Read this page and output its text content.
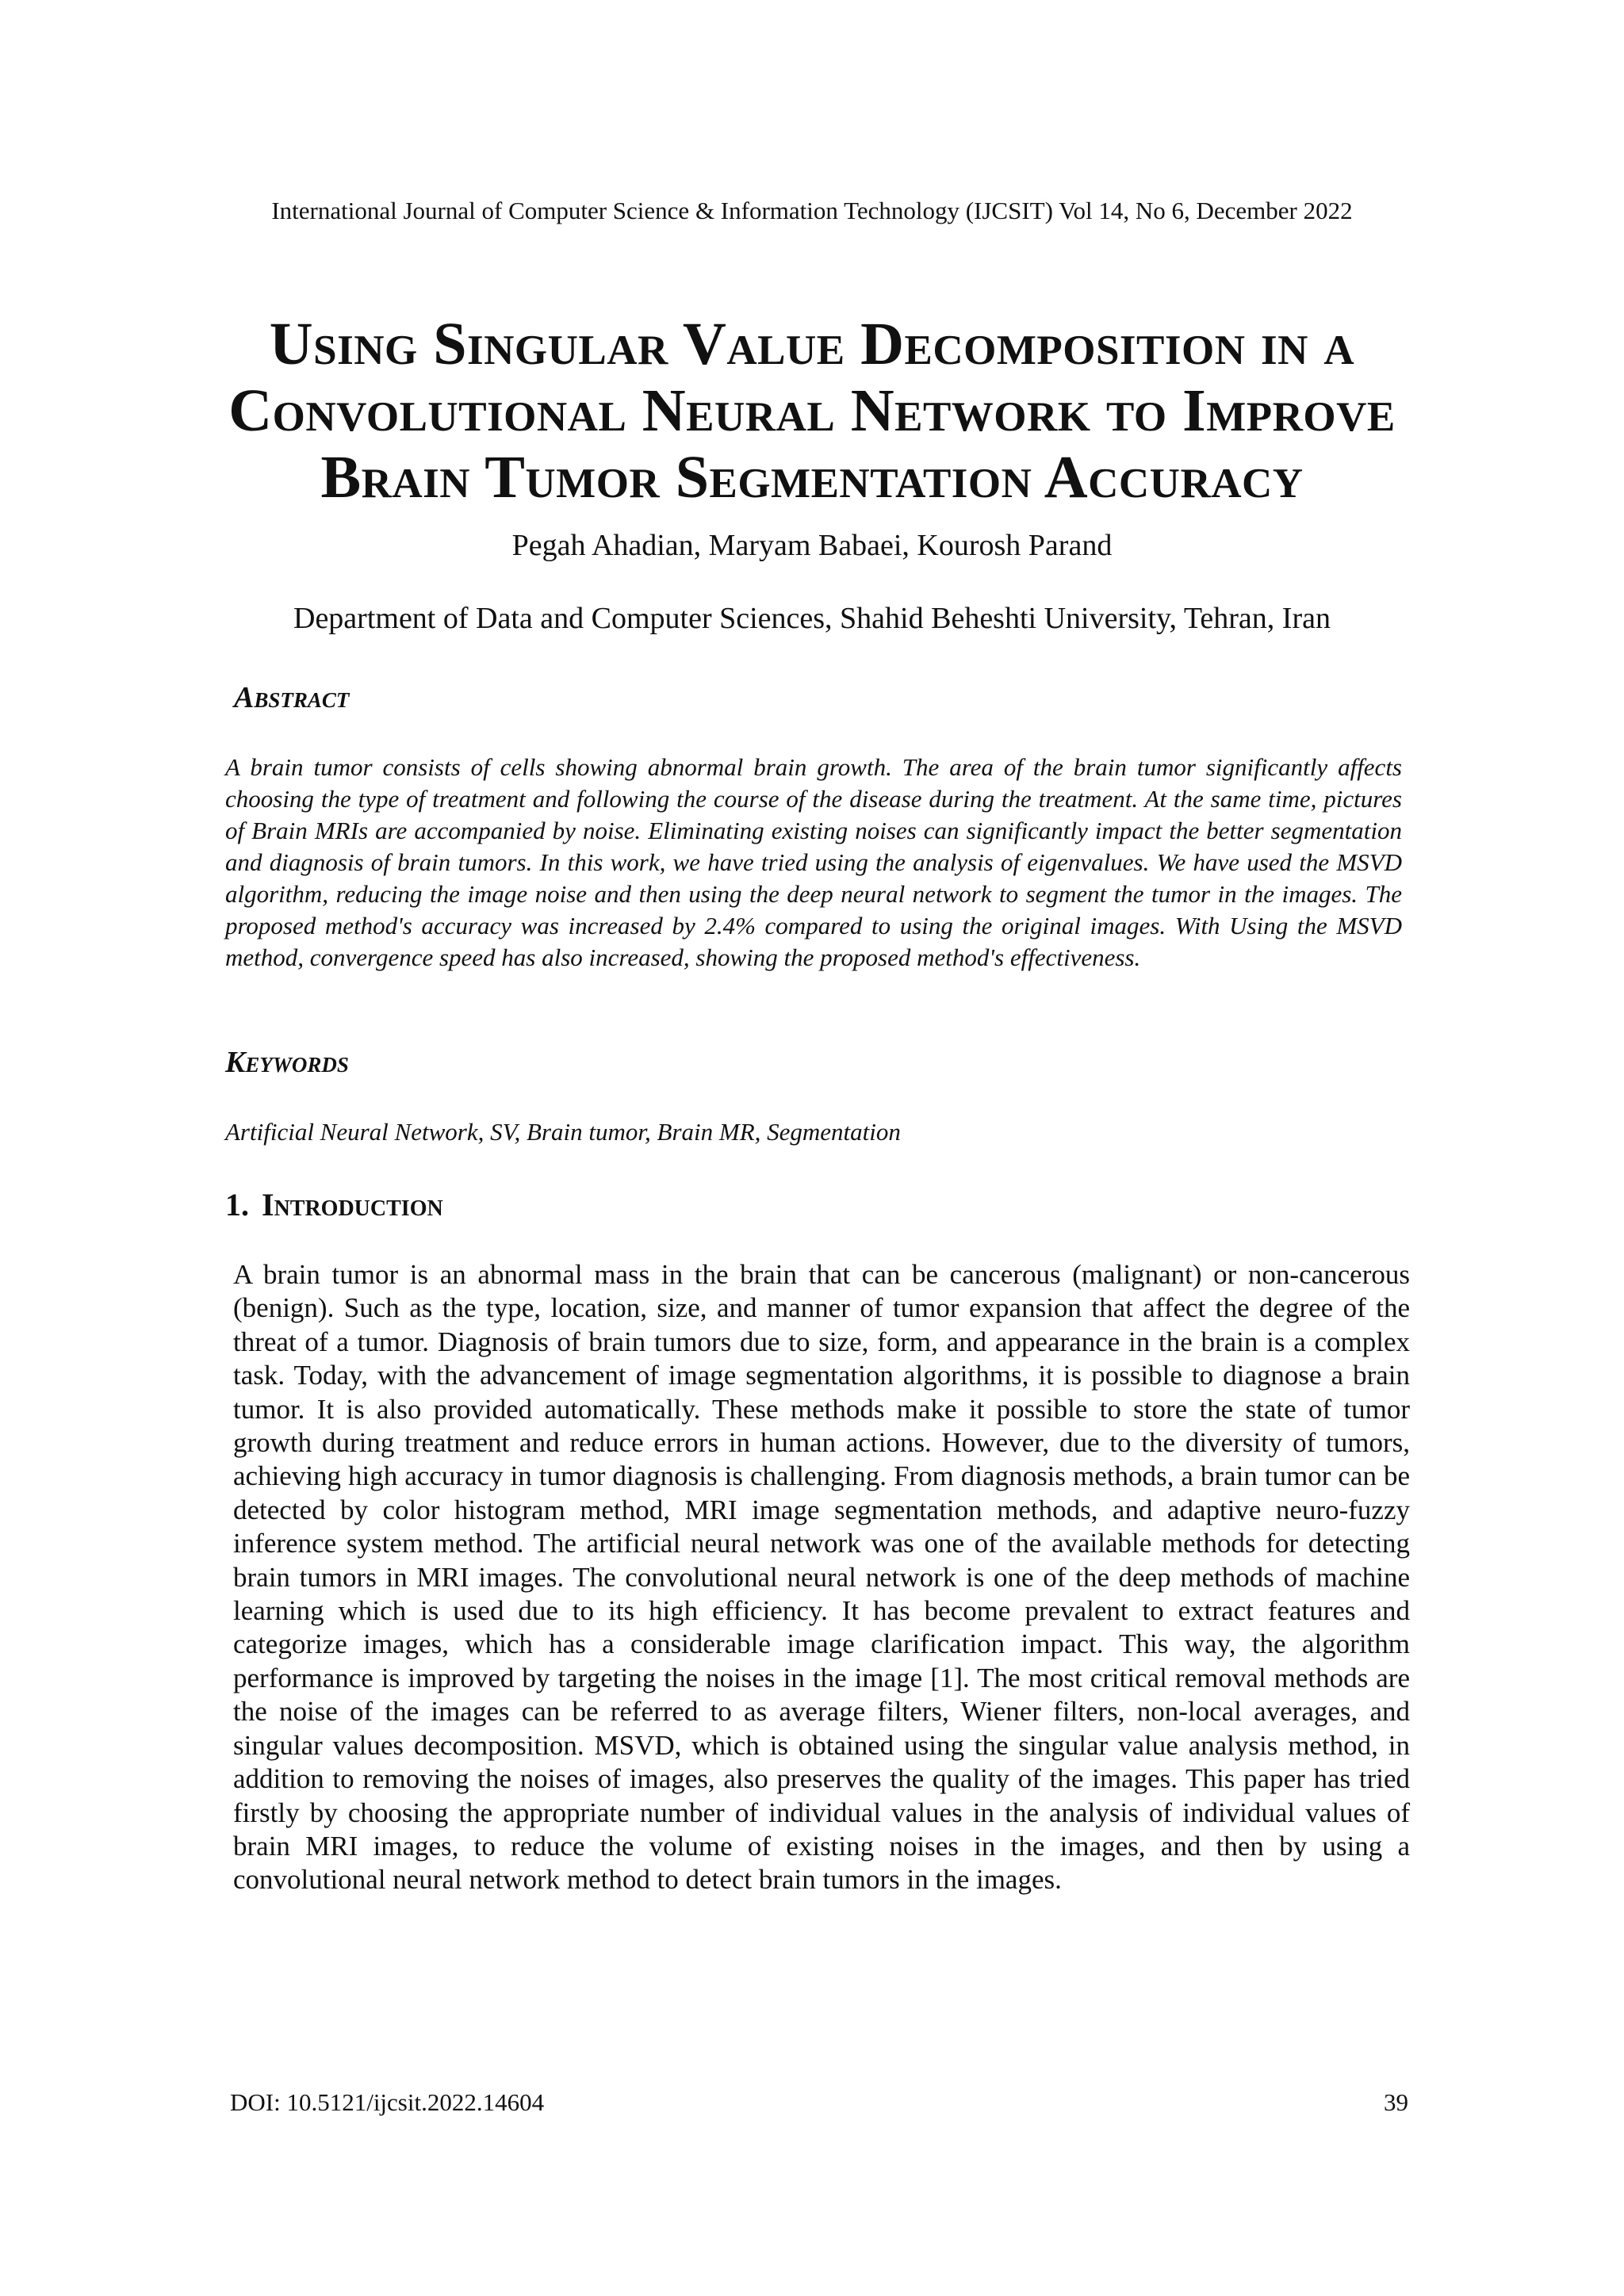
International Journal of Computer Science & Information Technology (IJCSIT) Vol 14, No 6, December 2022
Using Singular Value Decomposition in a
Convolutional Neural Network to Improve
Brain Tumor Segmentation Accuracy
Pegah Ahadian, Maryam Babaei, Kourosh Parand
Department of Data and Computer Sciences, Shahid Beheshti University, Tehran, Iran
Abstract
A brain tumor consists of cells showing abnormal brain growth. The area of the brain tumor significantly affects choosing the type of treatment and following the course of the disease during the treatment. At the same time, pictures of Brain MRIs are accompanied by noise. Eliminating existing noises can significantly impact the better segmentation and diagnosis of brain tumors. In this work, we have tried using the analysis of eigenvalues. We have used the MSVD algorithm, reducing the image noise and then using the deep neural network to segment the tumor in the images. The proposed method's accuracy was increased by 2.4% compared to using the original images. With Using the MSVD method, convergence speed has also increased, showing the proposed method's effectiveness.
Keywords
Artificial Neural Network, SV, Brain tumor, Brain MR, Segmentation
1. Introduction
A brain tumor is an abnormal mass in the brain that can be cancerous (malignant) or non-cancerous (benign). Such as the type, location, size, and manner of tumor expansion that affect the degree of the threat of a tumor. Diagnosis of brain tumors due to size, form, and appearance in the brain is a complex task. Today, with the advancement of image segmentation algorithms, it is possible to diagnose a brain tumor. It is also provided automatically. These methods make it possible to store the state of tumor growth during treatment and reduce errors in human actions. However, due to the diversity of tumors, achieving high accuracy in tumor diagnosis is challenging. From diagnosis methods, a brain tumor can be detected by color histogram method, MRI image segmentation methods, and adaptive neuro-fuzzy inference system method. The artificial neural network was one of the available methods for detecting brain tumors in MRI images. The convolutional neural network is one of the deep methods of machine learning which is used due to its high efficiency. It has become prevalent to extract features and categorize images, which has a considerable image clarification impact. This way, the algorithm performance is improved by targeting the noises in the image [1]. The most critical removal methods are the noise of the images can be referred to as average filters, Wiener filters, non-local averages, and singular values decomposition. MSVD, which is obtained using the singular value analysis method, in addition to removing the noises of images, also preserves the quality of the images. This paper has tried firstly by choosing the appropriate number of individual values in the analysis of individual values of brain MRI images, to reduce the volume of existing noises in the images, and then by using a convolutional neural network method to detect brain tumors in the images.
DOI: 10.5121/ijcsit.2022.14604	39
